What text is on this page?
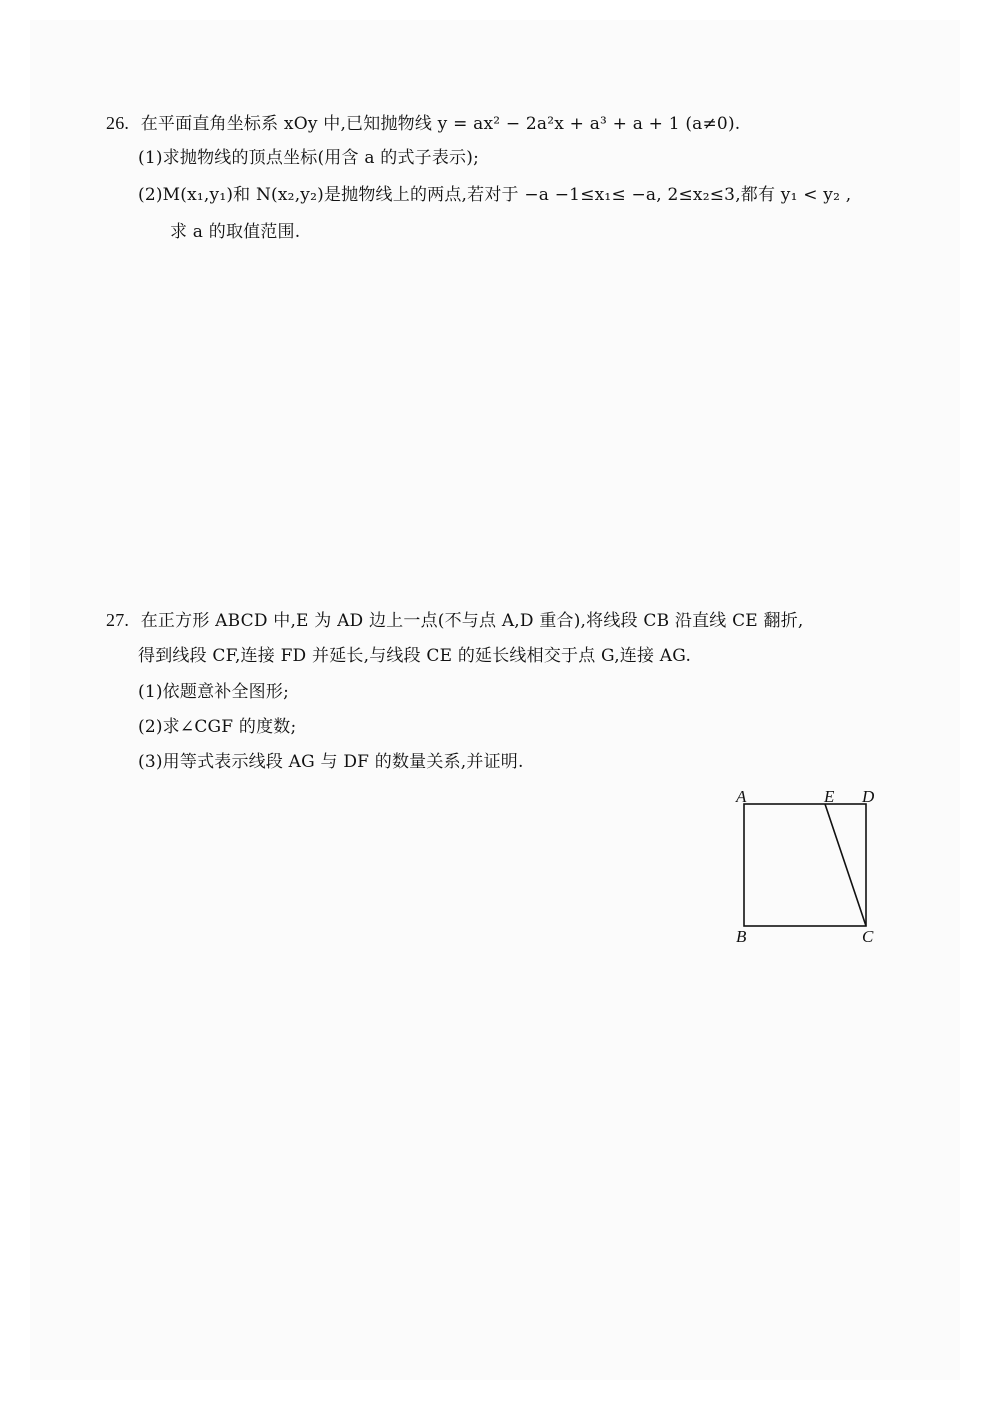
26. 在平面直角坐标系 xOy 中,已知抛物线 y = ax² − 2a²x + a³ + a + 1 (a≠0).
(1)求抛物线的顶点坐标(用含 a 的式子表示);
(2)M(x₁,y₁)和 N(x₂,y₂)是抛物线上的两点,若对于 −a −1≤x₁≤ −a, 2≤x₂≤3,都有 y₁ < y₂ ,
求 a 的取值范围.
27. 在正方形 ABCD 中,E 为 AD 边上一点(不与点 A,D 重合),将线段 CB 沿直线 CE 翻折,
得到线段 CF,连接 FD 并延长,与线段 CE 的延长线相交于点 G,连接 AG.
(1)依题意补全图形;
(2)求∠CGF 的度数;
(3)用等式表示线段 AG 与 DF 的数量关系,并证明.
A	E D
B	C
